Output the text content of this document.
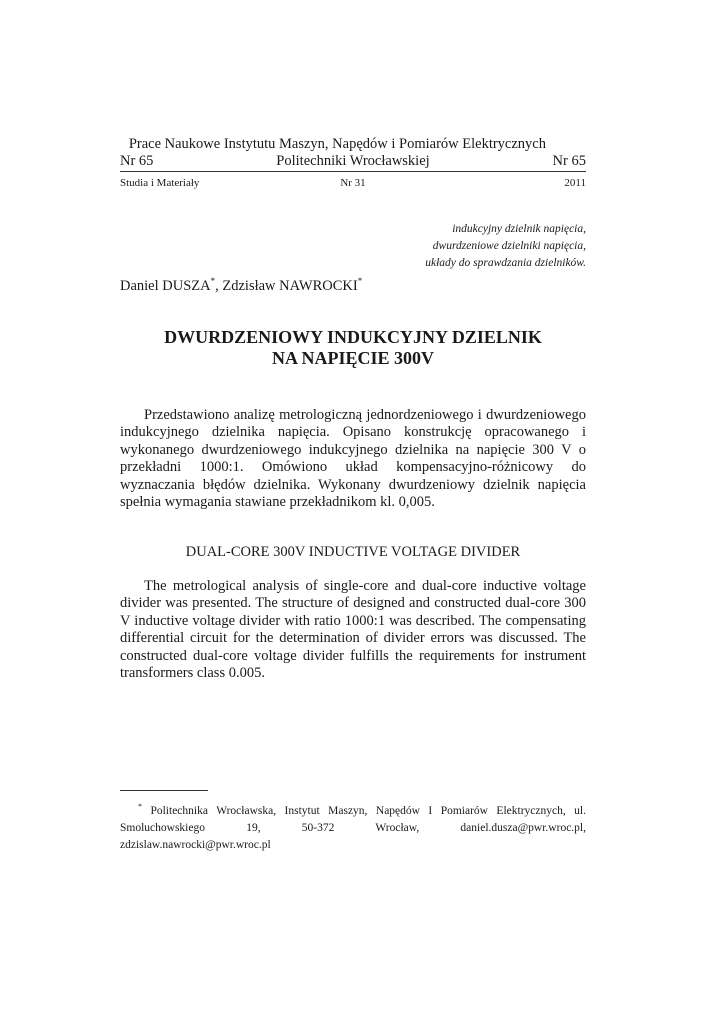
Prace Naukowe Instytutu Maszyn, Napędów i Pomiarów Elektrycznych
Nr 65	Politechniki Wrocławskiej	Nr 65
Studia i Materiały	Nr 31	2011
indukcyjny dzielnik napięcia,
dwurdzeniowe dzielniki napięcia,
układy do sprawdzania dzielników.
Daniel DUSZA*, Zdzisław NAWROCKI*
DWURDZENIOWY INDUKCYJNY DZIELNIK
NA NAPIĘCIE 300V
Przedstawiono analizę metrologiczną jednordzeniowego i dwurdzeniowego indukcyjnego dzielnika napięcia. Opisano konstrukcję opracowanego i wykonanego dwurdzeniowego indukcyjnego dzielnika na napięcie 300 V o przekładni 1000:1. Omówiono układ kompensacyjno-różnicowy do wyznaczania błędów dzielnika. Wykonany dwurdzeniowy dzielnik napięcia spełnia wymagania stawiane przekładnikom kl. 0,005.
DUAL-CORE 300V INDUCTIVE VOLTAGE DIVIDER
The metrological analysis of single-core and dual-core inductive voltage divider was presented. The structure of designed and constructed dual-core 300 V inductive voltage divider with ratio 1000:1 was described. The compensating differential circuit for the determination of divider errors was discussed. The constructed dual-core voltage divider fulfills the requirements for instrument transformers class 0.005.
* Politechnika Wrocławska, Instytut Maszyn, Napędów I Pomiarów Elektrycznych, ul. Smoluchowskiego 19, 50-372 Wrocław, daniel.dusza@pwr.wroc.pl, zdzislaw.nawrocki@pwr.wroc.pl
